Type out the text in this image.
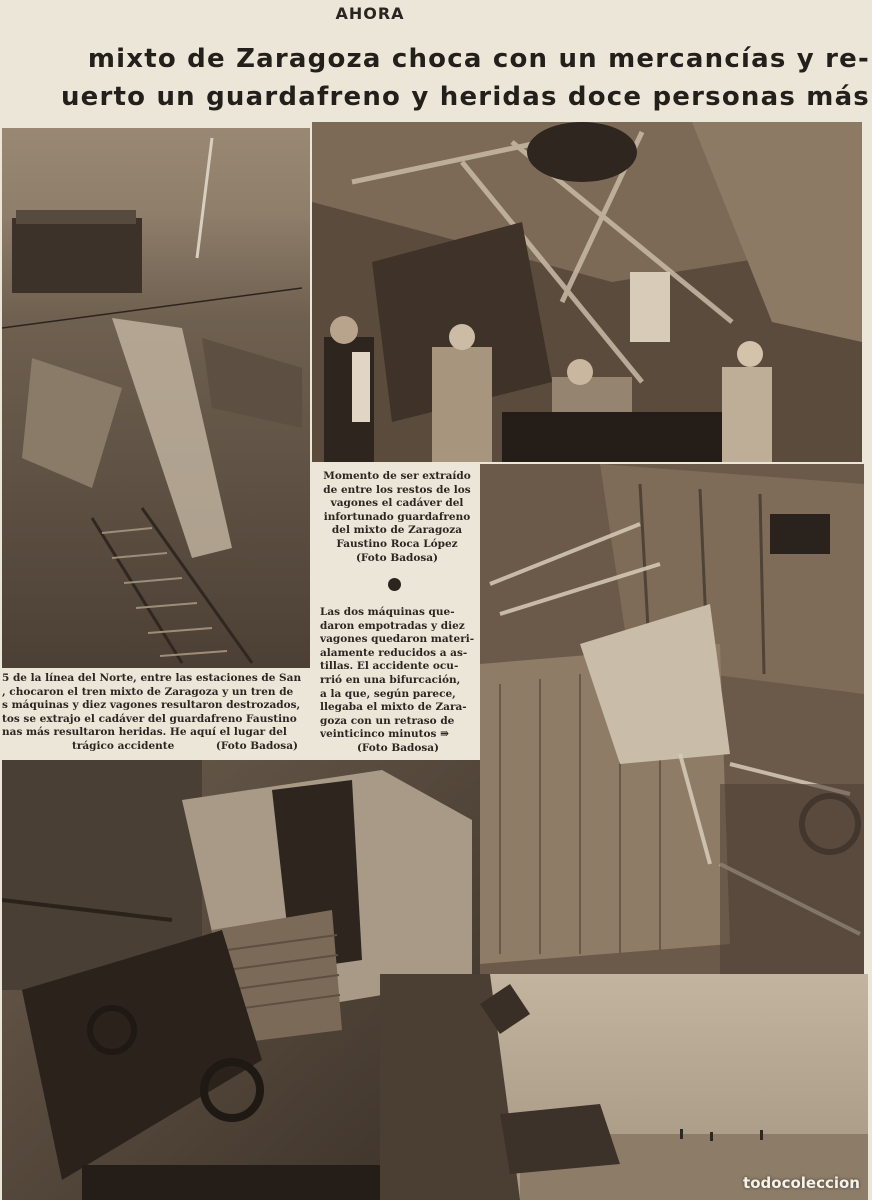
AHORA
mixto de Zaragoza choca con un mercancías y re-
uerto un guardafreno y heridas doce personas más
Momento de ser extraído
de entre los restos de los
vagones el cadáver del
infortunado guardafreno
del mixto de Zaragoza
Faustino Roca López
(Foto Badosa)
Las dos máquinas que-
daron empotradas y diez
vagones quedaron materi-
alamente reducidos a as-
tillas. El accidente ocu-
rrió en una bifurcación,
a la que, según parece,
llegaba el mixto de Zara-
goza con un retraso de
veinticinco minutos ⇛
(Foto Badosa)
5 de la línea del Norte, entre las estaciones de San
, chocaron el tren mixto de Zaragoza y un tren de
s máquinas y diez vagones resultaron destrozados,
tos se extrajo el cadáver del guardafreno Faustino
nas más resultaron heridas. He aquí el lugar del
trágico accidente	(Foto Badosa)
todocoleccion
